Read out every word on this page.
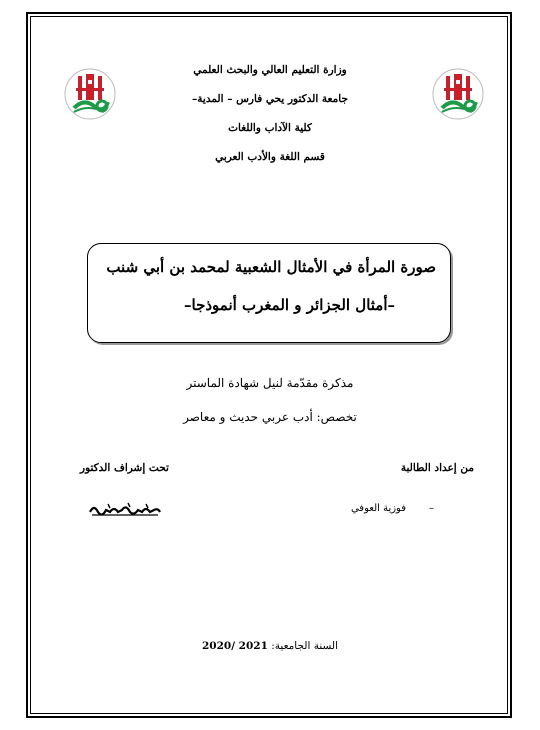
وزارة التعليم العالي والبحث العلمي
جامعة الدكتور يحي فارس – المدية–
كلية الآداب واللغات
قسم اللغة والأدب العربي
صورة المرأة في الأمثال الشعبية لمحمد بن أبي شنب
–أمثال الجزائر و المغرب أنموذجا–
مذكرة مقدّمة لنيل شهادة الماستر
تخصص: أدب عربي حديث و معاصر
من إعداد الطالبة
تحت إشراف الدكتور
–
فوزية العوفي
السنة الجامعية: 2020/ 2021
